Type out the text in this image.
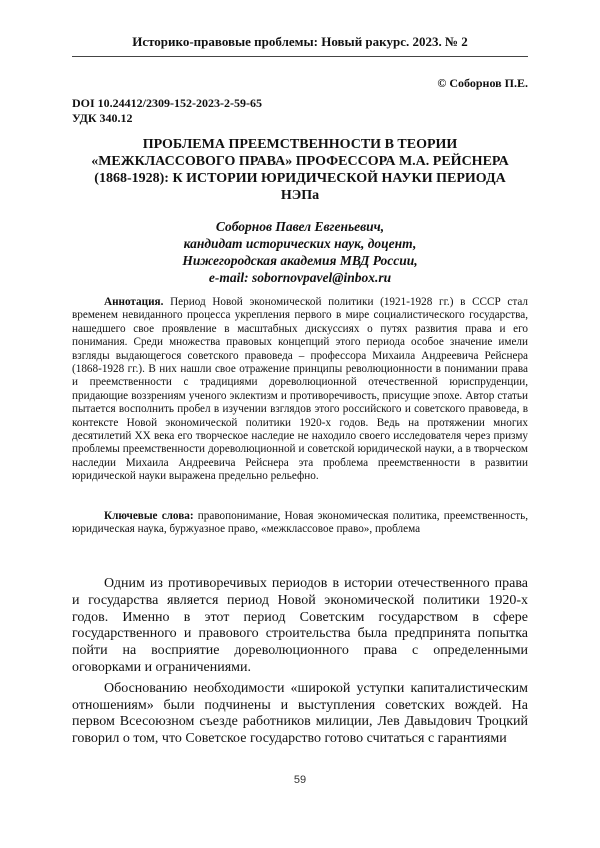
Историко-правовые проблемы: Новый ракурс. 2023. № 2
© Соборнов П.Е.
DOI 10.24412/2309-152-2023-2-59-65
УДК 340.12
ПРОБЛЕМА ПРЕЕМСТВЕННОСТИ В ТЕОРИИ «МЕЖКЛАССОВОГО ПРАВА» ПРОФЕССОРА М.А. РЕЙСНЕРА (1868-1928): К ИСТОРИИ ЮРИДИЧЕСКОЙ НАУКИ ПЕРИОДА НЭПа
Соборнов Павел Евгеньевич,
кандидат исторических наук, доцент,
Нижегородская академия МВД России,
e-mail: sobornovpavel@inbox.ru
Аннотация. Период Новой экономической политики (1921-1928 гг.) в СССР стал временем невиданного процесса укрепления первого в мире социалистического государства, нашедшего свое проявление в масштабных дискуссиях о путях развития права и его понимания. Среди множества правовых концепций этого периода особое значение имели взгляды выдающегося советского правоведа – профессора Михаила Андреевича Рейснера (1868-1928 гг.). В них нашли свое отражение принципы революционности в понимании права и преемственности с традициями дореволюционной отечественной юриспруденции, придающие воззрениям ученого эклектизм и противоречивость, присущие эпохе. Автор статьи пытается восполнить пробел в изучении взглядов этого российского и советского правоведа, в контексте Новой экономической политики 1920-х годов. Ведь на протяжении многих десятилетий XX века его творческое наследие не находило своего исследователя через призму проблемы преемственности дореволюционной и советской юридической науки, а в творческом наследии Михаила Андреевича Рейснера эта проблема преемственности в развитии юридической науки выражена предельно рельефно.
Ключевые слова: правопонимание, Новая экономическая политика, преемственность, юридическая наука, буржуазное право, «межклассовое право», проблема

Одним из противоречивых периодов в истории отечественного права и государства является период Новой экономической политики 1920-х годов. Именно в этот период Советским государством в сфере государственного и правового строительства была предпринята попытка пойти на восприятие дореволюционного права с определенными оговорками и ограничениями.

Обоснованию необходимости «широкой уступки капиталистическим отношениям» были подчинены и выступления советских вождей. На первом Всесоюзном съезде работников милиции, Лев Давыдович Троцкий говорил о том, что Советское государство готово считаться с гарантиями

59
